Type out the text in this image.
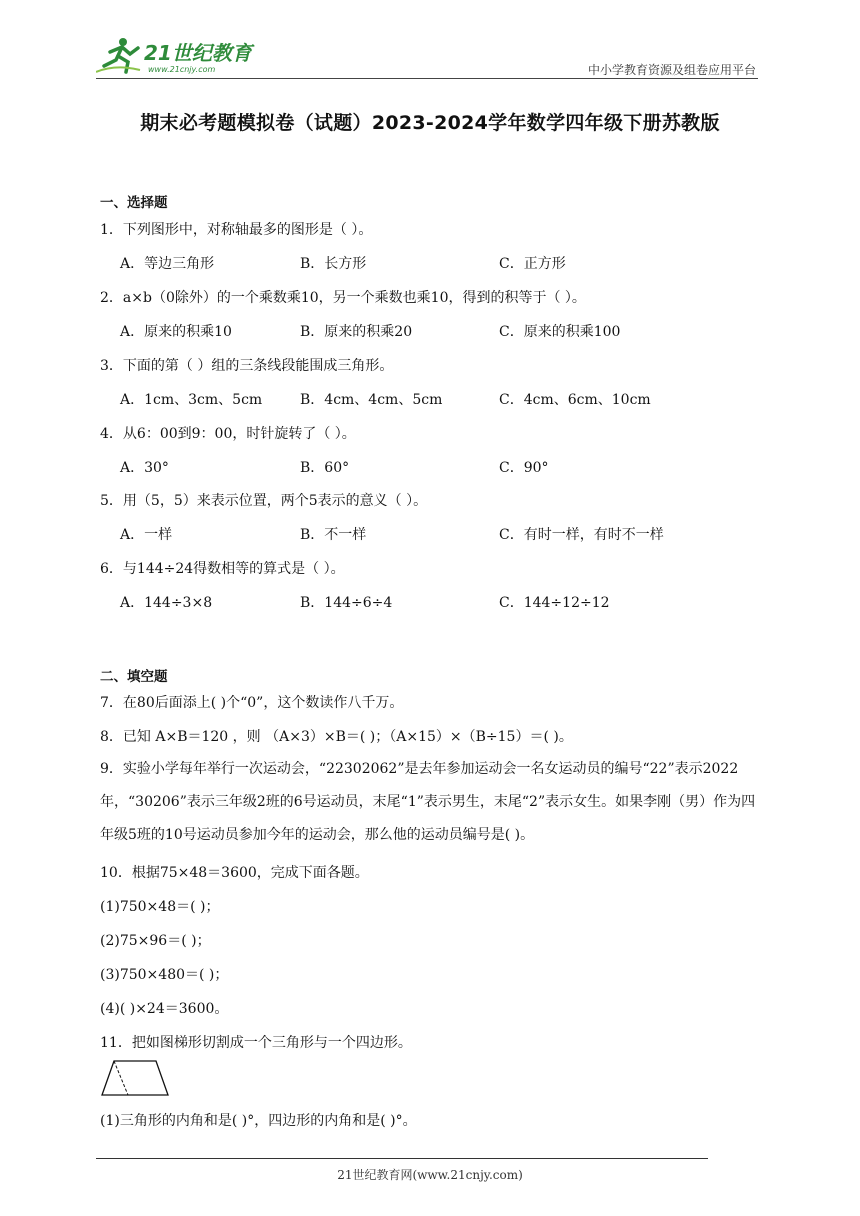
21世纪教育
www.21cnjy.com	中小学教育资源及组卷应用平台
期末必考题模拟卷（试题）2023-2024学年数学四年级下册苏教版
一、选择题
1．下列图形中，对称轴最多的图形是（ ）。
A．等边三角形	B．长方形	C．正方形
2．a×b（0除外）的一个乘数乘10，另一个乘数也乘10，得到的积等于（ ）。
A．原来的积乘10	B．原来的积乘20	C．原来的积乘100
3．下面的第（ ）组的三条线段能围成三角形。
A．1cm、3cm、5cm	B．4cm、4cm、5cm	C．4cm、6cm、10cm
4．从6：00到9：00，时针旋转了（ ）。
A．30°	B．60°	C．90°
5．用（5，5）来表示位置，两个5表示的意义（ ）。
A．一样	B．不一样	C．有时一样，有时不一样
6．与144÷24得数相等的算式是（ ）。
A．144÷3×8	B．144÷6÷4	C．144÷12÷12
二、填空题
7．在80后面添上( )个“0”，这个数读作八千万。
8．已知 A×B＝120 ，则 （A×3）×B＝( )；（A×15）×（B÷15）＝( )。
9．实验小学每年举行一次运动会，“22302062”是去年参加运动会一名女运动员的编号“22”表示2022年，“30206”表示三年级2班的6号运动员，末尾“1”表示男生，末尾“2”表示女生。如果李刚（男）作为四年级5班的10号运动员参加今年的运动会，那么他的运动员编号是( )。
10．根据75×48＝3600，完成下面各题。
(1)750×48＝( )；
(2)75×96＝( )；
(3)750×480＝( )；
(4)( )×24＝3600。
11．把如图梯形切割成一个三角形与一个四边形。
(1)三角形的内角和是( )°，四边形的内角和是( )°。
21世纪教育网(www.21cnjy.com)
